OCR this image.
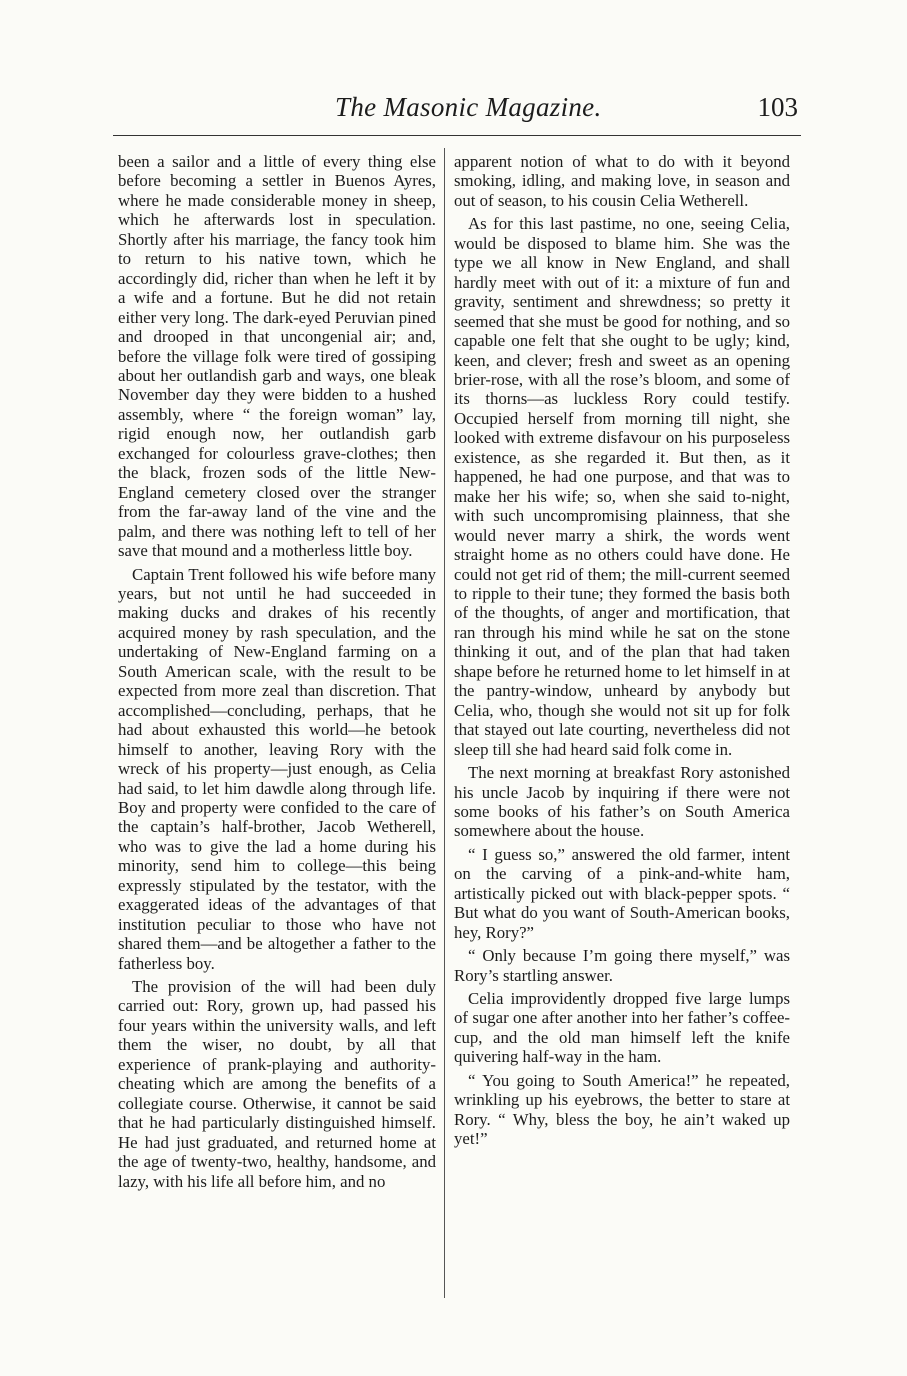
The Masonic Magazine.	103

been a sailor and a little of every thing else before becoming a settler in Buenos Ayres, where he made considerable money in sheep, which he afterwards lost in speculation. Shortly after his marriage, the fancy took him to return to his native town, which he accordingly did, richer than when he left it by a wife and a fortune. But he did not retain either very long. The dark-eyed Peruvian pined and drooped in that uncongenial air; and, before the village folk were tired of gossiping about her outlandish garb and ways, one bleak November day they were bidden to a hushed assembly, where “ the foreign woman” lay, rigid enough now, her outlandish garb exchanged for colourless grave-clothes; then the black, frozen sods of the little New-England cemetery closed over the stranger from the far-away land of the vine and the palm, and there was nothing left to tell of her save that mound and a motherless little boy.

Captain Trent followed his wife before many years, but not until he had succeeded in making ducks and drakes of his recently acquired money by rash speculation, and the undertaking of New-England farming on a South American scale, with the result to be expected from more zeal than discretion. That accomplished—concluding, perhaps, that he had about exhausted this world—he betook himself to another, leaving Rory with the wreck of his property—just enough, as Celia had said, to let him dawdle along through life. Boy and property were confided to the care of the captain’s half-brother, Jacob Wetherell, who was to give the lad a home during his minority, send him to college—this being expressly stipulated by the testator, with the exaggerated ideas of the advantages of that institution peculiar to those who have not shared them—and be altogether a father to the fatherless boy.

The provision of the will had been duly carried out: Rory, grown up, had passed his four years within the university walls, and left them the wiser, no doubt, by all that experience of prank-playing and authority-cheating which are among the benefits of a collegiate course. Otherwise, it cannot be said that he had particularly distinguished himself. He had just graduated, and returned home at the age of twenty-two, healthy, handsome, and lazy, with his life all before him, and no

apparent notion of what to do with it beyond smoking, idling, and making love, in season and out of season, to his cousin Celia Wetherell.

As for this last pastime, no one, seeing Celia, would be disposed to blame him. She was the type we all know in New England, and shall hardly meet with out of it: a mixture of fun and gravity, sentiment and shrewdness; so pretty it seemed that she must be good for nothing, and so capable one felt that she ought to be ugly; kind, keen, and clever; fresh and sweet as an opening brier-rose, with all the rose’s bloom, and some of its thorns—as luckless Rory could testify. Occupied herself from morning till night, she looked with extreme disfavour on his purposeless existence, as she regarded it. But then, as it happened, he had one purpose, and that was to make her his wife; so, when she said to-night, with such uncompromising plainness, that she would never marry a shirk, the words went straight home as no others could have done. He could not get rid of them; the mill-current seemed to ripple to their tune; they formed the basis both of the thoughts, of anger and mortification, that ran through his mind while he sat on the stone thinking it out, and of the plan that had taken shape before he returned home to let himself in at the pantry-window, unheard by anybody but Celia, who, though she would not sit up for folk that stayed out late courting, nevertheless did not sleep till she had heard said folk come in.

The next morning at breakfast Rory astonished his uncle Jacob by inquiring if there were not some books of his father’s on South America somewhere about the house.

“ I guess so,” answered the old farmer, intent on the carving of a pink-and-white ham, artistically picked out with black-pepper spots. “ But what do you want of South-American books, hey, Rory?”

“ Only because I’m going there myself,” was Rory’s startling answer.

Celia improvidently dropped five large lumps of sugar one after another into her father’s coffee-cup, and the old man himself left the knife quivering half-way in the ham.

“ You going to South America!” he repeated, wrinkling up his eyebrows, the better to stare at Rory. “ Why, bless the boy, he ain’t waked up yet!”
